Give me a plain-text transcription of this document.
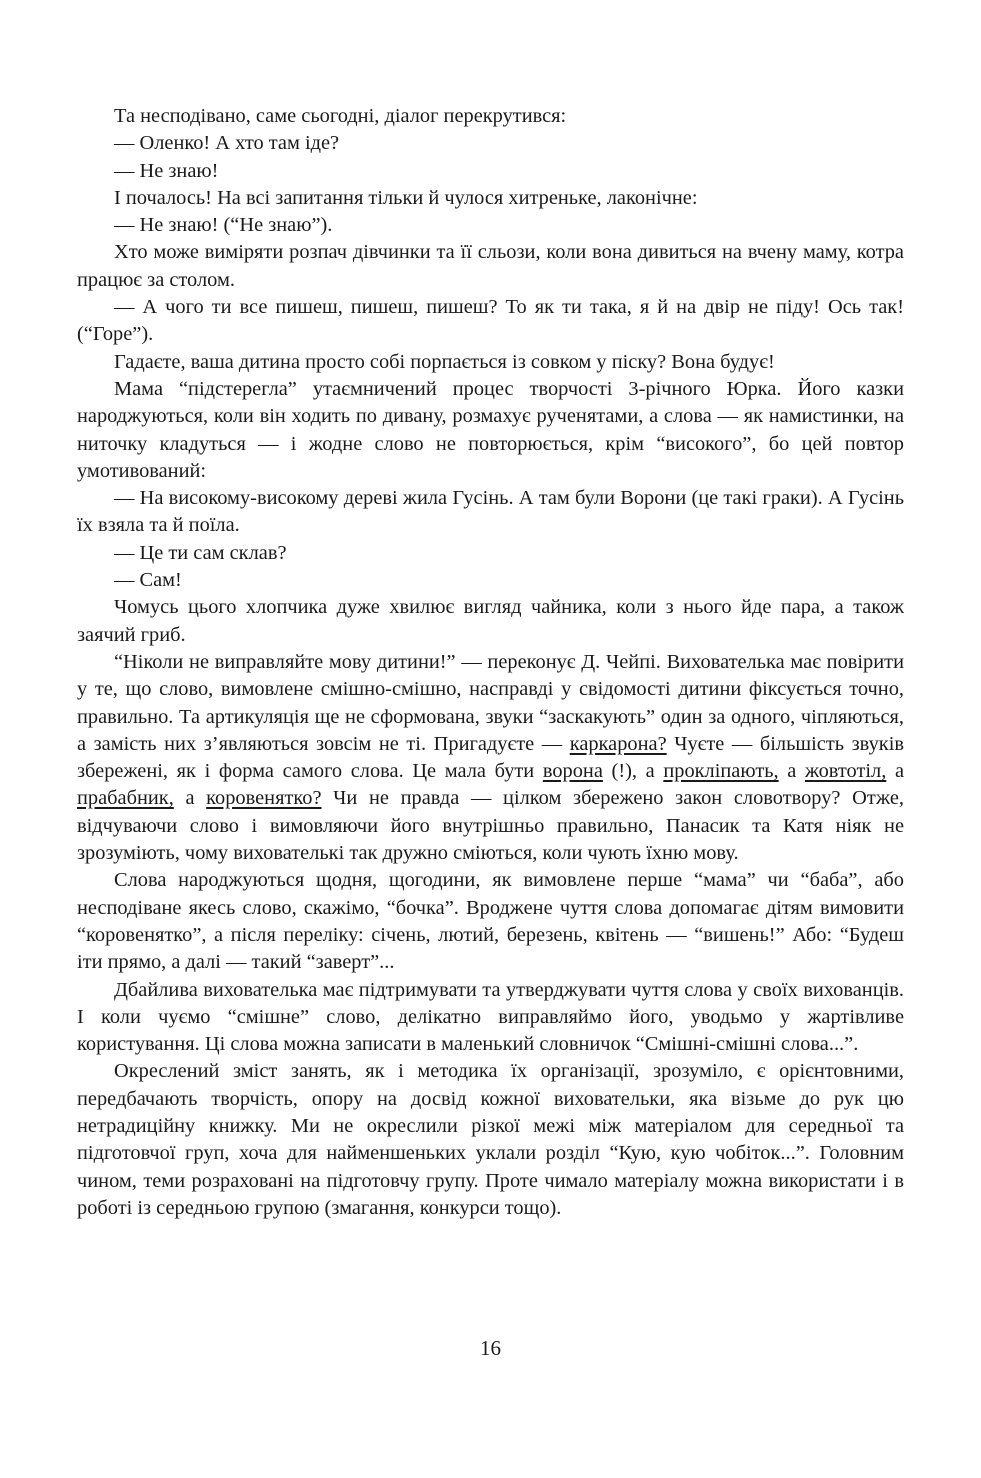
Та несподівано, саме сьогодні, діалог перекрутився:

— Оленко! А хто там іде?

— Не знаю!

І почалось! На всі запитання тільки й чулося хитреньке, лаконічне:

— Не знаю! (“Не знаю”).

Хто може виміряти розпач дівчинки та її сльози, коли вона дивиться на вчену маму, котра працює за столом.

— А чого ти все пишеш, пишеш, пишеш? То як ти така, я й на двір не піду! Ось так! (“Горе”).

Гадаєте, ваша дитина просто собі порпається із совком у піску? Вона будує!

Мама “підстерегла” утаємничений процес творчості 3-річного Юрка. Його казки народжуються, коли він ходить по дивану, розмахує рученятами, а слова — як намистинки, на ниточку кладуться — і жодне слово не повторюється, крім “високого”, бо цей повтор умотивований:

— На високому-високому дереві жила Гусінь. А там були Ворони (це такі граки). А Гусінь їх взяла та й поїла.

— Це ти сам склав?

— Сам!

Чомусь цього хлопчика дуже хвилює вигляд чайника, коли з нього йде пара, а також заячий гриб.

“Ніколи не виправляйте мову дитини!” — переконує Д. Чейпі. Вихователька має повірити у те, що слово, вимовлене смішно-смішно, насправді у свідомості дитини фіксується точно, правильно. Та артикуляція ще не сформована, звуки “заскакують” один за одного, чіпляються, а замість них з’являються зовсім не ті. Пригадуєте — каркарона? Чуєте — більшість звуків збережені, як і форма самого слова. Це мала бути ворона (!), а прокліпають, а жовтотіл, а прабабник, а коровенятко? Чи не правда — цілком збережено закон словотвору? Отже, відчуваючи слово і вимовляючи його внутрішньо правильно, Панасик та Катя ніяк не зрозуміють, чому вихователькі так дружно сміються, коли чують їхню мову.

Слова народжуються щодня, щогодини, як вимовлене перше “мама” чи “баба”, або несподіване якесь слово, скажімо, “бочка”. Вроджене чуття слова допомагає дітям вимовити “коровенятко”, а після переліку: січень, лютий, березень, квітень — “вишень!” Або: “Будеш іти прямо, а далі — такий “заверт”...

Дбайлива вихователька має підтримувати та утверджувати чуття слова у своїх вихованців. І коли чуємо “смішне” слово, делікатно виправляймо його, уводьмо у жартівливе користування. Ці слова можна записати в маленький словничок “Смішні-смішні слова...”.

Окреслений зміст занять, як і методика їх організації, зрозуміло, є орієнтовними, передбачають творчість, опору на досвід кожної виховательки, яка візьме до рук цю нетрадиційну книжку. Ми не окреслили різкої межі між матеріалом для середньої та підготовчої груп, хоча для найменшеньких уклали розділ “Кую, кую чобіток...”. Головним чином, теми розраховані на підготовчу групу. Проте чимало матеріалу можна використати і в роботі із середньою групою (змагання, конкурси тощо).

16
